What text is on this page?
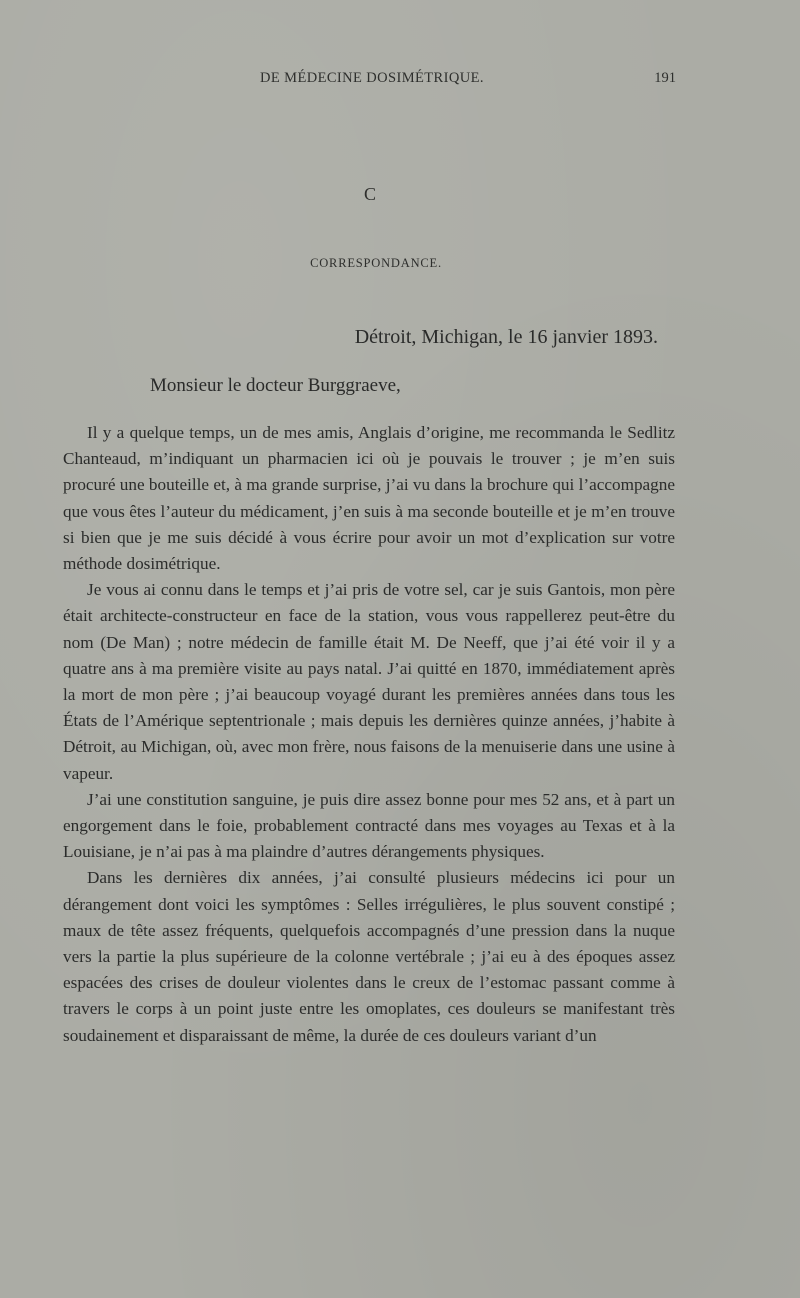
DE MÉDECINE DOSIMÉTRIQUE.	191
C
CORRESPONDANCE.
Détroit, Michigan, le 16 janvier 1893.
Monsieur le docteur Burggraeve,

Il y a quelque temps, un de mes amis, Anglais d’origine, me recommanda le Sedlitz Chanteaud, m’indiquant un pharmacien ici où je pouvais le trouver ; je m’en suis procuré une bouteille et, à ma grande surprise, j’ai vu dans la brochure qui l’accompagne que vous êtes l’auteur du médicament, j’en suis à ma seconde bouteille et je m’en trouve si bien que je me suis décidé à vous écrire pour avoir un mot d’explication sur votre méthode dosimétrique.

Je vous ai connu dans le temps et j’ai pris de votre sel, car je suis Gantois, mon père était architecte-constructeur en face de la station, vous vous rappellerez peut-être du nom (De Man) ; notre médecin de famille était M. De Neeff, que j’ai été voir il y a quatre ans à ma première visite au pays natal. J’ai quitté en 1870, immédiatement après la mort de mon père ; j’ai beaucoup voyagé durant les premières années dans tous les États de l’Amérique septentrionale ; mais depuis les dernières quinze années, j’habite à Détroit, au Michigan, où, avec mon frère, nous faisons de la menuiserie dans une usine à vapeur.

J’ai une constitution sanguine, je puis dire assez bonne pour mes 52 ans, et à part un engorgement dans le foie, probablement contracté dans mes voyages au Texas et à la Louisiane, je n’ai pas à ma plaindre d’autres dérangements physiques.

Dans les dernières dix années, j’ai consulté plusieurs médecins ici pour un dérangement dont voici les symptômes : Selles irrégulières, le plus souvent constipé ; maux de tête assez fréquents, quelquefois accompagnés d’une pression dans la nuque vers la partie la plus supérieure de la colonne vertébrale ; j’ai eu à des époques assez espacées des crises de douleur violentes dans le creux de l’estomac passant comme à travers le corps à un point juste entre les omoplates, ces douleurs se manifestant très soudainement et disparaissant de même, la durée de ces douleurs variant d’un
